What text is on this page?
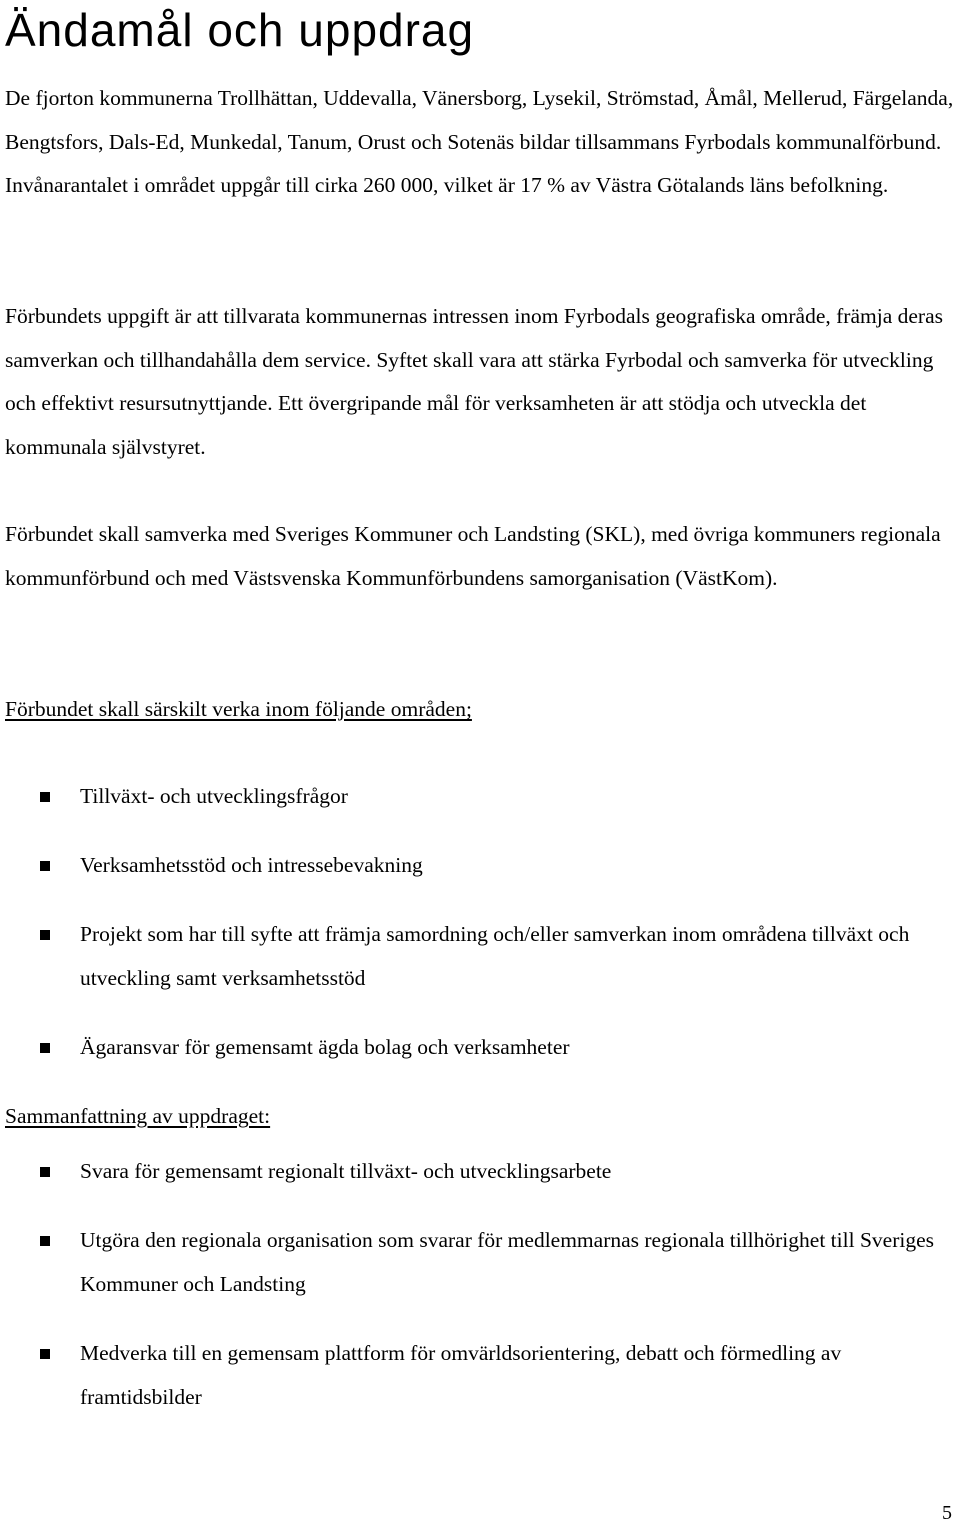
Ändamål och uppdrag

De fjorton kommunerna Trollhättan, Uddevalla, Vänersborg, Lysekil, Strömstad, Åmål, Mellerud, Färgelanda, Bengtsfors, Dals-Ed, Munkedal, Tanum, Orust och Sotenäs bildar tillsammans Fyrbodals kommunalförbund. Invånarantalet i området uppgår till cirka 260 000, vilket är 17 % av Västra Götalands läns befolkning.

Förbundets uppgift är att tillvarata kommunernas intressen inom Fyrbodals geografiska område, främja deras samverkan och tillhandahålla dem service. Syftet skall vara att stärka Fyrbodal och samverka för utveckling och effektivt resursutnyttjande. Ett övergripande mål för verksamheten är att stödja och utveckla det kommunala självstyret.

Förbundet skall samverka med Sveriges Kommuner och Landsting (SKL), med övriga kommuners regionala kommunförbund och med Västsvenska Kommunförbundens samorganisation (VästKom).

Förbundet skall särskilt verka inom följande områden;

Tillväxt- och utvecklingsfrågor

Verksamhetsstöd och intressebevakning

Projekt som har till syfte att främja samordning och/eller samverkan inom områdena tillväxt och utveckling samt verksamhetsstöd

Ägaransvar för gemensamt ägda bolag och verksamheter

Sammanfattning av uppdraget:

Svara för gemensamt regionalt tillväxt- och utvecklingsarbete

Utgöra den regionala organisation som svarar för medlemmarnas regionala tillhörighet till Sveriges Kommuner och Landsting

Medverka till en gemensam plattform för omvärldsorientering, debatt och förmedling av framtidsbilder

5
